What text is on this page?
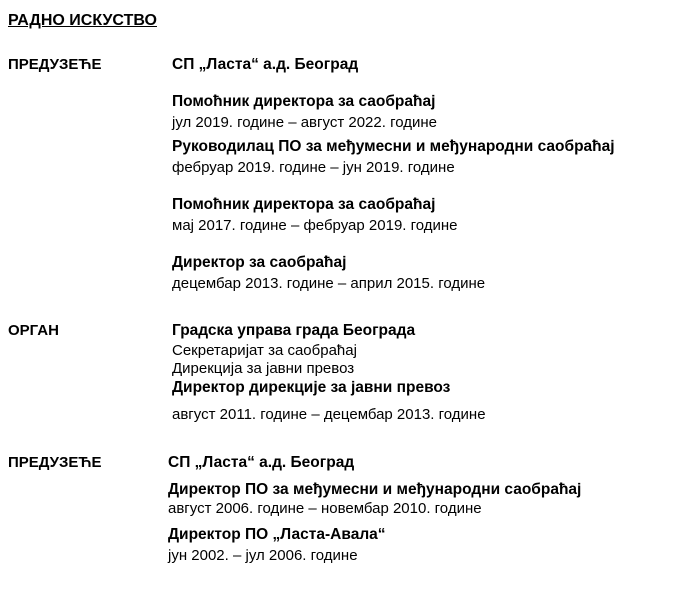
РАДНО ИСКУСТВО
ПРЕДУЗЕЋЕ	СП „Ласта“ а.д. Београд
Помоћник директора за саобраћај
јул 2019. године – август 2022. године
Руководилац ПО за међумесни и међународни саобраћај
фебруар 2019. године – јун 2019. године
Помоћник директора за саобраћај
мај 2017. године – фебруар 2019. године
Директор за саобраћај
децембар 2013. године – април 2015. године
ОРГАН	Градска управа града Београда
Секретаријат за саобраћај
Дирекција за јавни превоз
Директор дирекције за јавни превоз
август 2011. године – децембар 2013. године
ПРЕДУЗЕЋЕ	СП „Ласта“ а.д. Београд
Директор ПО за међумесни и међународни саобраћај
август 2006. године – новембар 2010. године
Директор ПО „Ласта-Авала“
јун 2002. – јул 2006. године
